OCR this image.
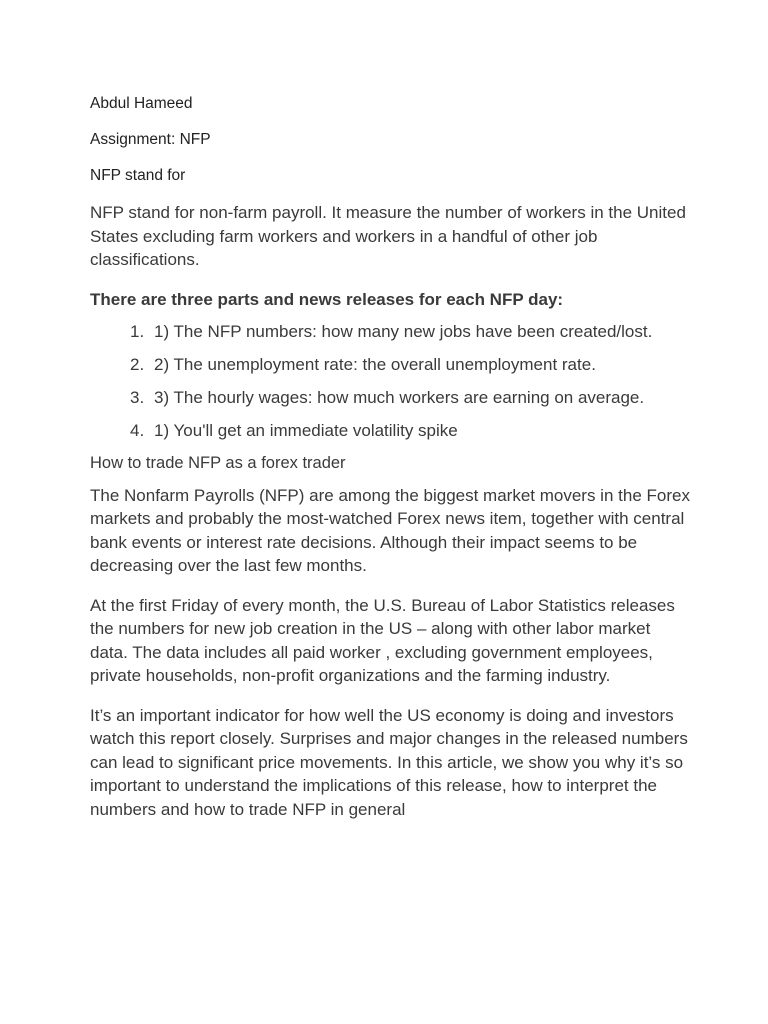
Abdul Hameed

Assignment: NFP

NFP stand for

NFP stand for non-farm payroll. It measure the number of workers in the United States excluding farm workers and workers in a handful of other job classifications.

There are three parts and news releases for each NFP day:

1. 1) The NFP numbers: how many new jobs have been created/lost.
2. 2) The unemployment rate: the overall unemployment rate.
3. 3) The hourly wages: how much workers are earning on average.
4. 1) You'll get an immediate volatility spike

How to trade NFP as a forex trader

The Nonfarm Payrolls (NFP) are among the biggest market movers in the Forex markets and probably the most-watched Forex news item, together with central bank events or interest rate decisions. Although their impact seems to be decreasing over the last few months.

At the first Friday of every month, the U.S. Bureau of Labor Statistics releases the numbers for new job creation in the US – along with other labor market data. The data includes all paid worker , excluding government employees, private households, non-profit organizations and the farming industry.

It’s an important indicator for how well the US economy is doing and investors watch this report closely. Surprises and major changes in the released numbers can lead to significant price movements. In this article, we show you why it’s so important to understand the implications of this release, how to interpret the numbers and how to trade NFP in general
